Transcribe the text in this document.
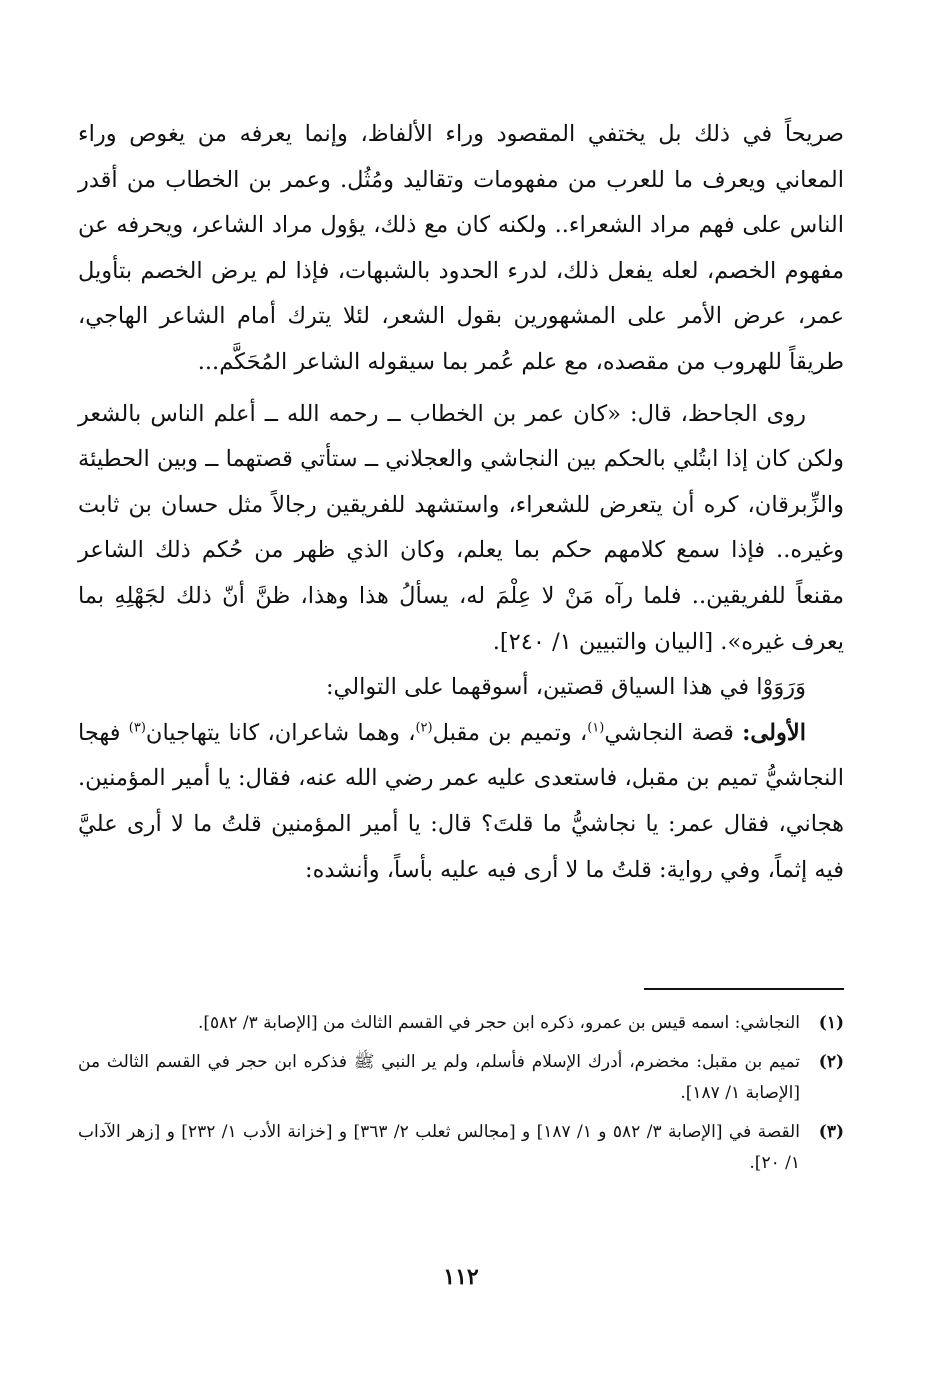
صريحاً في ذلك بل يختفي المقصود وراء الألفاظ، وإنما يعرفه من يغوص وراء المعاني ويعرف ما للعرب من مفهومات وتقاليد ومُثُل. وعمر بن الخطاب من أقدر الناس على فهم مراد الشعراء.. ولكنه كان مع ذلك، يؤول مراد الشاعر، ويحرفه عن مفهوم الخصم، لعله يفعل ذلك، لدرء الحدود بالشبهات، فإذا لم يرض الخصم بتأويل عمر، عرض الأمر على المشهورين بقول الشعر، لئلا يترك أمام الشاعر الهاجي، طريقاً للهروب من مقصده، مع علم عُمر بما سيقوله الشاعر المُحَكَّم...

روى الجاحظ، قال: «كان عمر بن الخطاب ــ رحمه الله ــ أعلم الناس بالشعر ولكن كان إذا ابتُلي بالحكم بين النجاشي والعجلاني ــ ستأتي قصتهما ــ وبين الحطيئة والزِّبرقان، كره أن يتعرض للشعراء، واستشهد للفريقين رجالاً مثل حسان بن ثابت وغيره.. فإذا سمع كلامهم حكم بما يعلم، وكان الذي ظهر من حُكم ذلك الشاعر مقنعاً للفريقين.. فلما رآه مَنْ لا عِلْمَ له، يسألُ هذا وهذا، ظنَّ أنّ ذلك لجَهْلِهِ بما يعرف غيره». [البيان والتبيين ١/ ٢٤٠].

وَرَوَوْا في هذا السياق قصتين، أسوقهما على التوالي:

الأولى: قصة النجاشي$^{(١)}$، وتميم بن مقبل$^{(٢)}$، وهما شاعران، كانا يتهاجيان$^{(٣)}$ فهجا النجاشيُّ تميم بن مقبل، فاستعدى عليه عمر رضي الله عنه، فقال: يا أمير المؤمنين. هجاني، فقال عمر: يا نجاشيُّ ما قلتَ؟ قال: يا أمير المؤمنين قلتُ ما لا أرى عليَّ فيه إثماً، وفي رواية: قلتُ ما لا أرى فيه عليه بأساً، وأنشده:

(١)
النجاشي: اسمه قيس بن عمرو، ذكره ابن حجر في القسم الثالث من [الإصابة ٣/ ٥٨٢].
(٢)
تميم بن مقبل: مخضرم، أدرك الإسلام فأسلم، ولم ير النبي ﷺ فذكره ابن حجر في القسم الثالث من [الإصابة ١/ ١٨٧].
(٣)
القصة في [الإصابة ٣/ ٥٨٢ و ١/ ١٨٧] و [مجالس ثعلب ٢/ ٣٦٣] و [خزانة الأدب ١/ ٢٣٢] و [زهر الآداب ١/ ٢٠].
١١٢
